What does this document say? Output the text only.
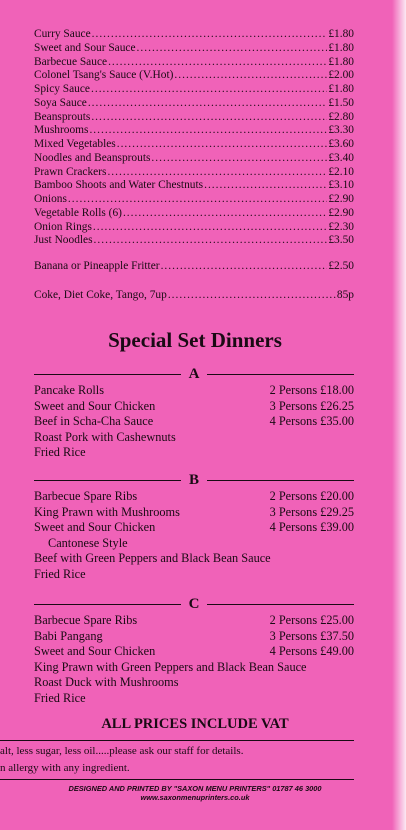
Curry Sauce .....	£1.80
Sweet and Sour Sauce .....	£1.80
Barbecue Sauce .....	£1.80
Colonel Tsang's Sauce (V.Hot) .....	£2.00
Spicy Sauce .....	£1.80
Soya Sauce .....	£1.50
Beansprouts .....	£2.80
Mushrooms .....	£3.30
Mixed Vegetables .....	£3.60
Noodles and Beansprouts .....	£3.40
Prawn Crackers .....	£2.10
Bamboo Shoots and Water Chestnuts .....	£3.10
Onions .....	£2.90
Vegetable Rolls (6) .....	£2.90
Onion Rings .....	£2.30
Just Noodles .....	£3.50
Banana or Pineapple Fritter .....	£2.50
Coke, Diet Coke, Tango, 7up .....	85p
Special Set Dinners
A
Pancake Rolls	2 Persons £18.00
Sweet and Sour Chicken	3 Persons £26.25
Beef in Scha-Cha Sauce	4 Persons £35.00
Roast Pork with Cashewnuts
Fried Rice
B
Barbecue Spare Ribs	2 Persons £20.00
King Prawn with Mushrooms	3 Persons £29.25
Sweet and Sour Chicken	4 Persons £39.00
Cantonese Style
Beef with Green Peppers and Black Bean Sauce
Fried Rice
C
Barbecue Spare Ribs	2 Persons £25.00
Babi Pangang	3 Persons £37.50
Sweet and Sour Chicken	4 Persons £49.00
King Prawn with Green Peppers and Black Bean Sauce
Roast Duck with Mushrooms
Fried Rice
ALL PRICES INCLUDE VAT
alt, less sugar, less oil.....please ask our staff for details.
n allergy with any ingredient.
DESIGNED AND PRINTED BY "SAXON MENU PRINTERS" 01787 46 3000
www.saxonmenuprinters.co.uk
